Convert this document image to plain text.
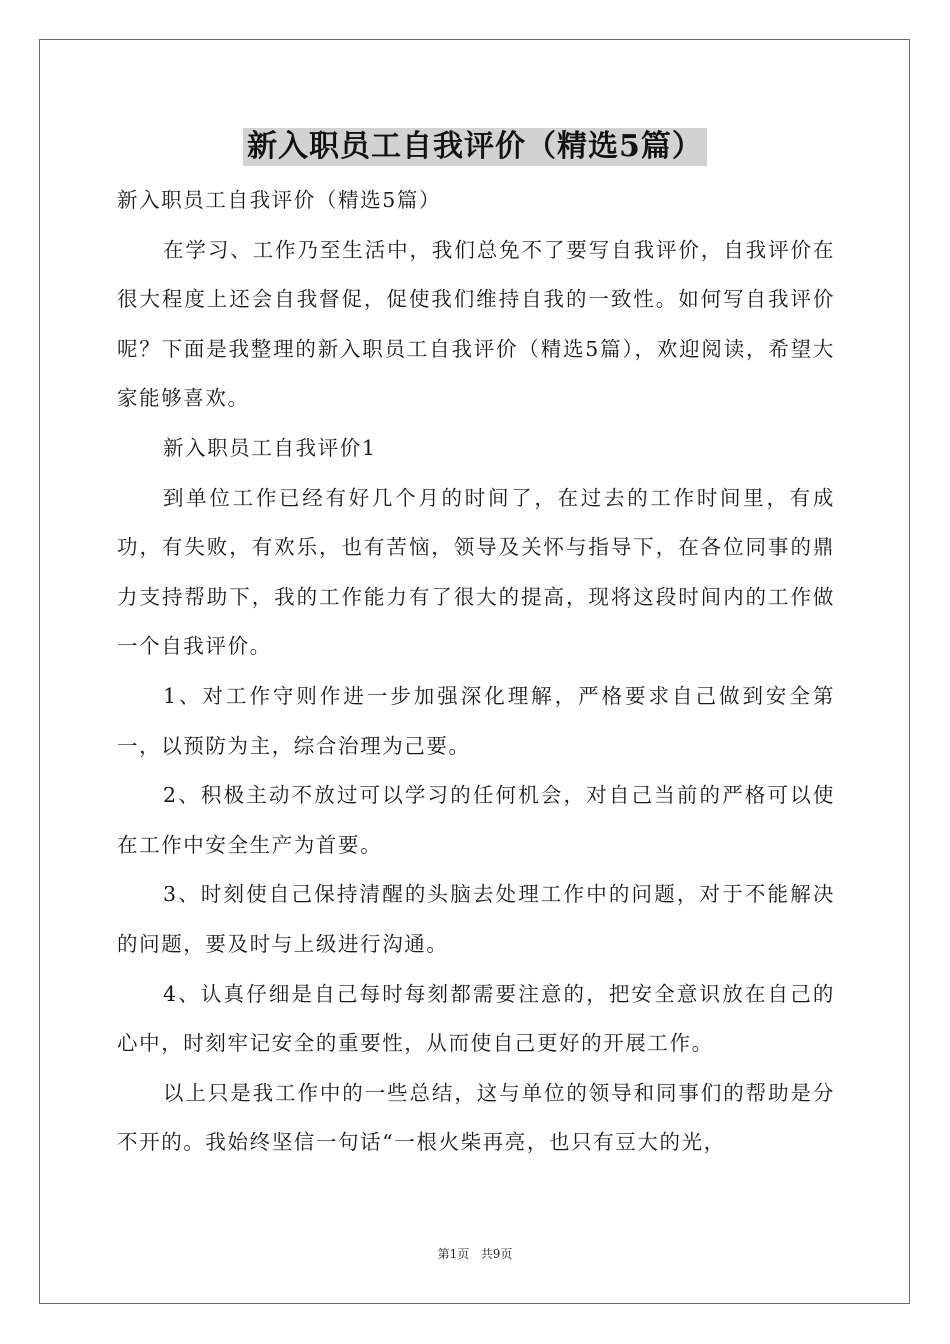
新入职员工自我评价（精选5篇）

新入职员工自我评价（精选5篇）

在学习、工作乃至生活中，我们总免不了要写自我评价，自我评价在很大程度上还会自我督促，促使我们维持自我的一致性。如何写自我评价呢？下面是我整理的新入职员工自我评价（精选5篇），欢迎阅读，希望大家能够喜欢。

新入职员工自我评价1

到单位工作已经有好几个月的时间了，在过去的工作时间里，有成功，有失败，有欢乐，也有苦恼，领导及关怀与指导下，在各位同事的鼎力支持帮助下，我的工作能力有了很大的提高，现将这段时间内的工作做一个自我评价。

1、对工作守则作进一步加强深化理解，严格要求自己做到安全第一，以预防为主，综合治理为己要。

2、积极主动不放过可以学习的任何机会，对自己当前的严格可以使在工作中安全生产为首要。

3、时刻使自己保持清醒的头脑去处理工作中的问题，对于不能解决的问题，要及时与上级进行沟通。

4、认真仔细是自己每时每刻都需要注意的，把安全意识放在自己的心中，时刻牢记安全的重要性，从而使自己更好的开展工作。

以上只是我工作中的一些总结，这与单位的领导和同事们的帮助是分不开的。我始终坚信一句话“一根火柴再亮，也只有豆大的光，

第1页   共9页
